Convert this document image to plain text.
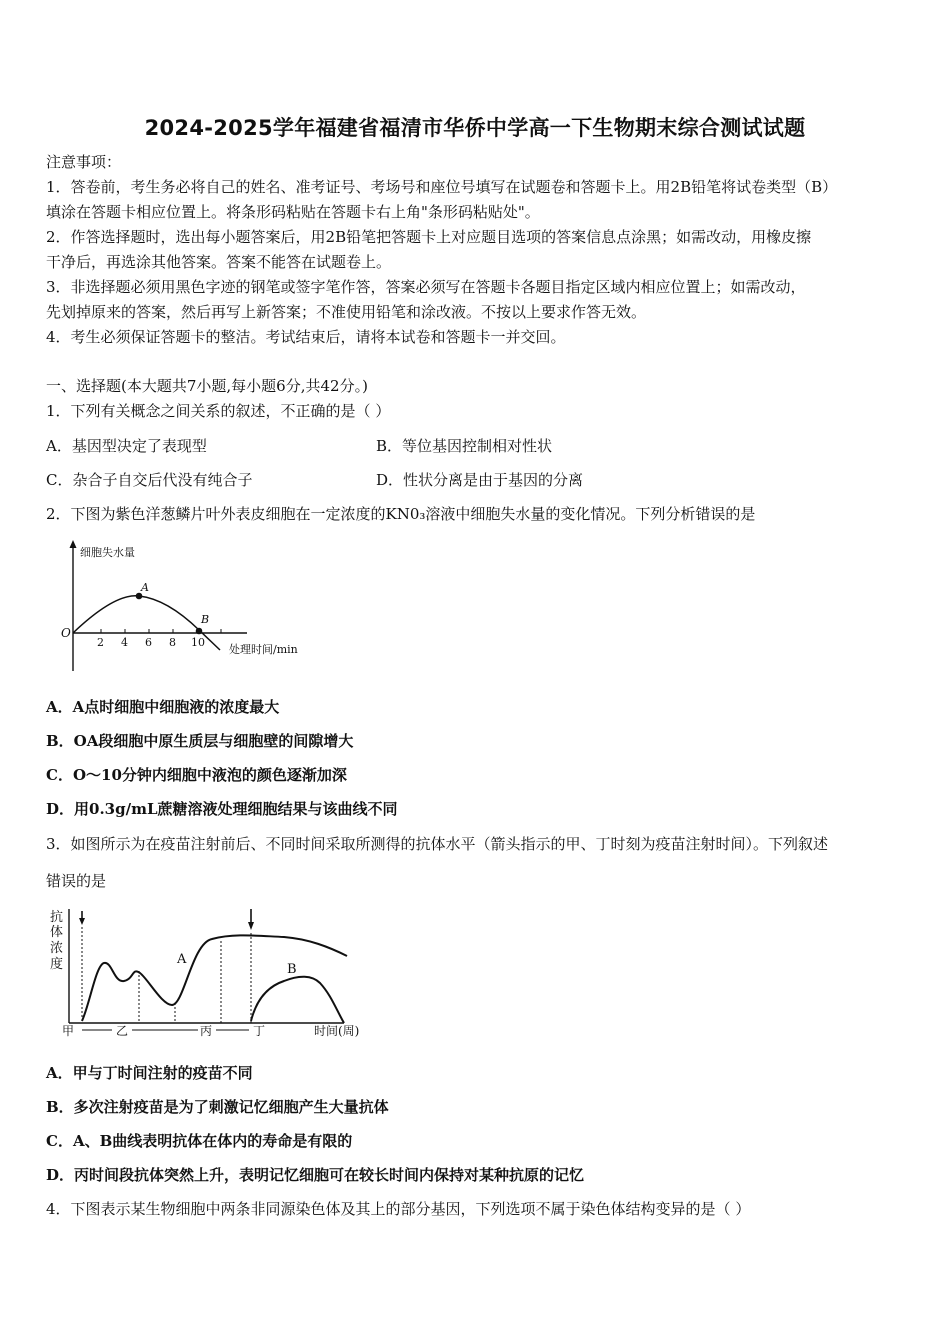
2024-2025学年福建省福清市华侨中学高一下生物期末综合测试试题
注意事项：
1．答卷前，考生务必将自己的姓名、准考证号、考场号和座位号填写在试题卷和答题卡上。用2B铅笔将试卷类型（B）
填涂在答题卡相应位置上。将条形码粘贴在答题卡右上角"条形码粘贴处"。
2．作答选择题时，选出每小题答案后，用2B铅笔把答题卡上对应题目选项的答案信息点涂黑；如需改动，用橡皮擦
干净后，再选涂其他答案。答案不能答在试题卷上。
3．非选择题必须用黑色字迹的钢笔或签字笔作答，答案必须写在答题卡各题目指定区域内相应位置上；如需改动，
先划掉原来的答案，然后再写上新答案；不准使用铅笔和涂改液。不按以上要求作答无效。
4．考生必须保证答题卡的整洁。考试结束后，请将本试卷和答题卡一并交回。
一、选择题(本大题共7小题,每小题6分,共42分。)
1．下列有关概念之间关系的叙述，不正确的是（ ）
A．基因型决定了表现型	B．等位基因控制相对性状
C．杂合子自交后代没有纯合子	D．性状分离是由于基因的分离
2．下图为紫色洋葱鳞片叶外表皮细胞在一定浓度的KN0₃溶液中细胞失水量的变化情况。下列分析错误的是
细胞失水量
O
2 4 6 8 10
A
B
处理时间/min
A．A点时细胞中细胞液的浓度最大
B．OA段细胞中原生质层与细胞壁的间隙增大
C．O～10分钟内细胞中液泡的颜色逐渐加深
D．用0.3g/mL蔗糖溶液处理细胞结果与该曲线不同
3．如图所示为在疫苗注射前后、不同时间采取所测得的抗体水平（箭头指示的甲、丁时刻为疫苗注射时间）。下列叙述
错误的是
抗
体
浓
度	A
B
甲	乙	丙	丁	时间(周)
A．甲与丁时间注射的疫苗不同
B．多次注射疫苗是为了刺激记忆细胞产生大量抗体
C．A、B曲线表明抗体在体内的寿命是有限的
D．丙时间段抗体突然上升，表明记忆细胞可在较长时间内保持对某种抗原的记忆
4．下图表示某生物细胞中两条非同源染色体及其上的部分基因，下列选项不属于染色体结构变异的是（ ）
